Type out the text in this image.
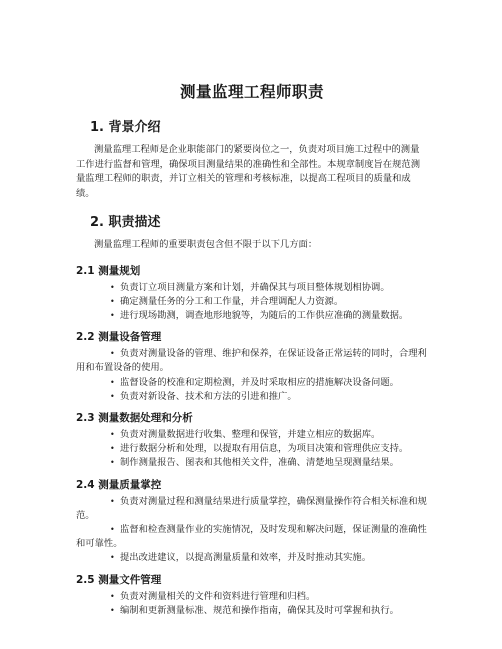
测量监理工程师职责
1. 背景介绍

测量监理工程师是企业职能部门的紧要岗位之一，负责对项目施工过程中的测量工作进行监督和管理，确保项目测量结果的准确性和全部性。本规章制度旨在规范测量监理工程师的职责，并订立相关的管理和考核标准，以提高工程项目的质量和成绩。

2. 职责描述

测量监理工程师的重要职责包含但不限于以下几方面：

2.1 测量规划
• 负责订立项目测量方案和计划，并确保其与项目整体规划相协调。
• 确定测量任务的分工和工作量，并合理调配人力资源。
• 进行现场勘测，调查地形地貌等，为随后的工作供应准确的测量数据。
2.2 测量设备管理
• 负责对测量设备的管理、维护和保养，在保证设备正常运转的同时，合理利用和布置设备的使用。
• 监督设备的校准和定期检测，并及时采取相应的措施解决设备问题。
• 负责对新设备、技术和方法的引进和推广。
2.3 测量数据处理和分析
• 负责对测量数据进行收集、整理和保管，并建立相应的数据库。
• 进行数据分析和处理，以提取有用信息，为项目决策和管理供应支持。
• 制作测量报告、图表和其他相关文件，准确、清楚地呈现测量结果。
2.4 测量质量掌控
• 负责对测量过程和测量结果进行质量掌控，确保测量操作符合相关标准和规范。
• 监督和检查测量作业的实施情况，及时发现和解决问题，保证测量的准确性和可靠性。
• 提出改进建议，以提高测量质量和效率，并及时推动其实施。
2.5 测量文件管理
• 负责对测量相关的文件和资料进行管理和归档。
• 编制和更新测量标准、规范和操作指南，确保其及时可掌握和执行。
